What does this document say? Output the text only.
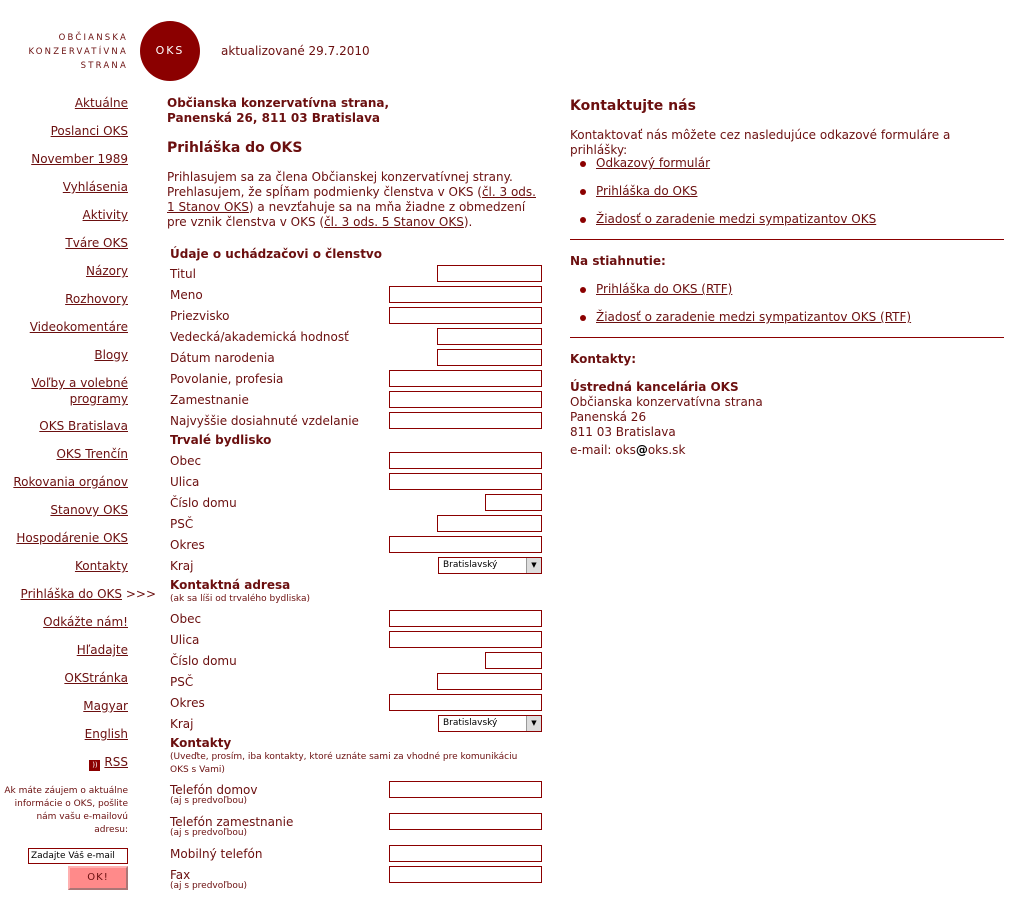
OBČIANSKA
KONZERVATÍVNA
STRANA
OKS	aktualizované 29.7.2010
Aktuálne
Poslanci OKS
November 1989
Vyhlásenia
Aktivity
Tváre OKS
Názory
Rozhovory
Videokomentáre
Blogy
Voľby a volebné programy
OKS Bratislava
OKS Trenčín
Rokovania orgánov
Stanovy OKS
Hospodárenie OKS
Kontakty
Prihláška do OKS >>>
Odkážte nám!
Hľadajte
OKStránka
Magyar
English
)) RSS
Ak máte záujem o aktuálne informácie o OKS, pošlite nám vašu e-mailovú adresu:
Zadajte Váš e-mail
OK!
Občianska konzervatívna strana,
Panenská 26, 811 03 Bratislava
Prihláška do OKS
Prihlasujem sa za člena Občianskej konzervatívnej strany. Prehlasujem, že spĺňam podmienky členstva v OKS (čl. 3 ods. 1 Stanov OKS) a nevzťahuje sa na mňa žiadne z obmedzení pre vznik členstva v OKS (čl. 3 ods. 5 Stanov OKS).
Údaje o uchádzačovi o členstvo
Titul
Meno
Priezvisko
Vedecká/akademická hodnosť
Dátum narodenia
Povolanie, profesia
Zamestnanie
Najvyššie dosiahnuté vzdelanie
Trvalé bydlisko
Obec
Ulica
Číslo domu
PSČ
Okres
Kraj	Bratislavský	▼
Kontaktná adresa
(ak sa líši od trvalého bydliska)
Obec
Ulica
Číslo domu
PSČ
Okres
Kraj	Bratislavský	▼
Kontakty
(Uveďte, prosím, iba kontakty, ktoré uznáte sami za vhodné pre komunikáciu OKS s Vami)
Telefón domov
(aj s predvoľbou)
Telefón zamestnanie
(aj s predvoľbou)
Mobilný telefón
Fax
(aj s predvoľbou)
Kontaktujte nás
Kontaktovať nás môžete cez nasledujúce odkazové formuláre a prihlášky:
Odkazový formulár
Prihláška do OKS
Žiadosť o zaradenie medzi sympatizantov OKS
Na stiahnutie:
Prihláška do OKS (RTF)
Žiadosť o zaradenie medzi sympatizantov OKS (RTF)
Kontakty:
Ústredná kancelária OKS
Občianska konzervatívna strana
Panenská 26
811 03 Bratislava
e-mail: oks@oks.sk
